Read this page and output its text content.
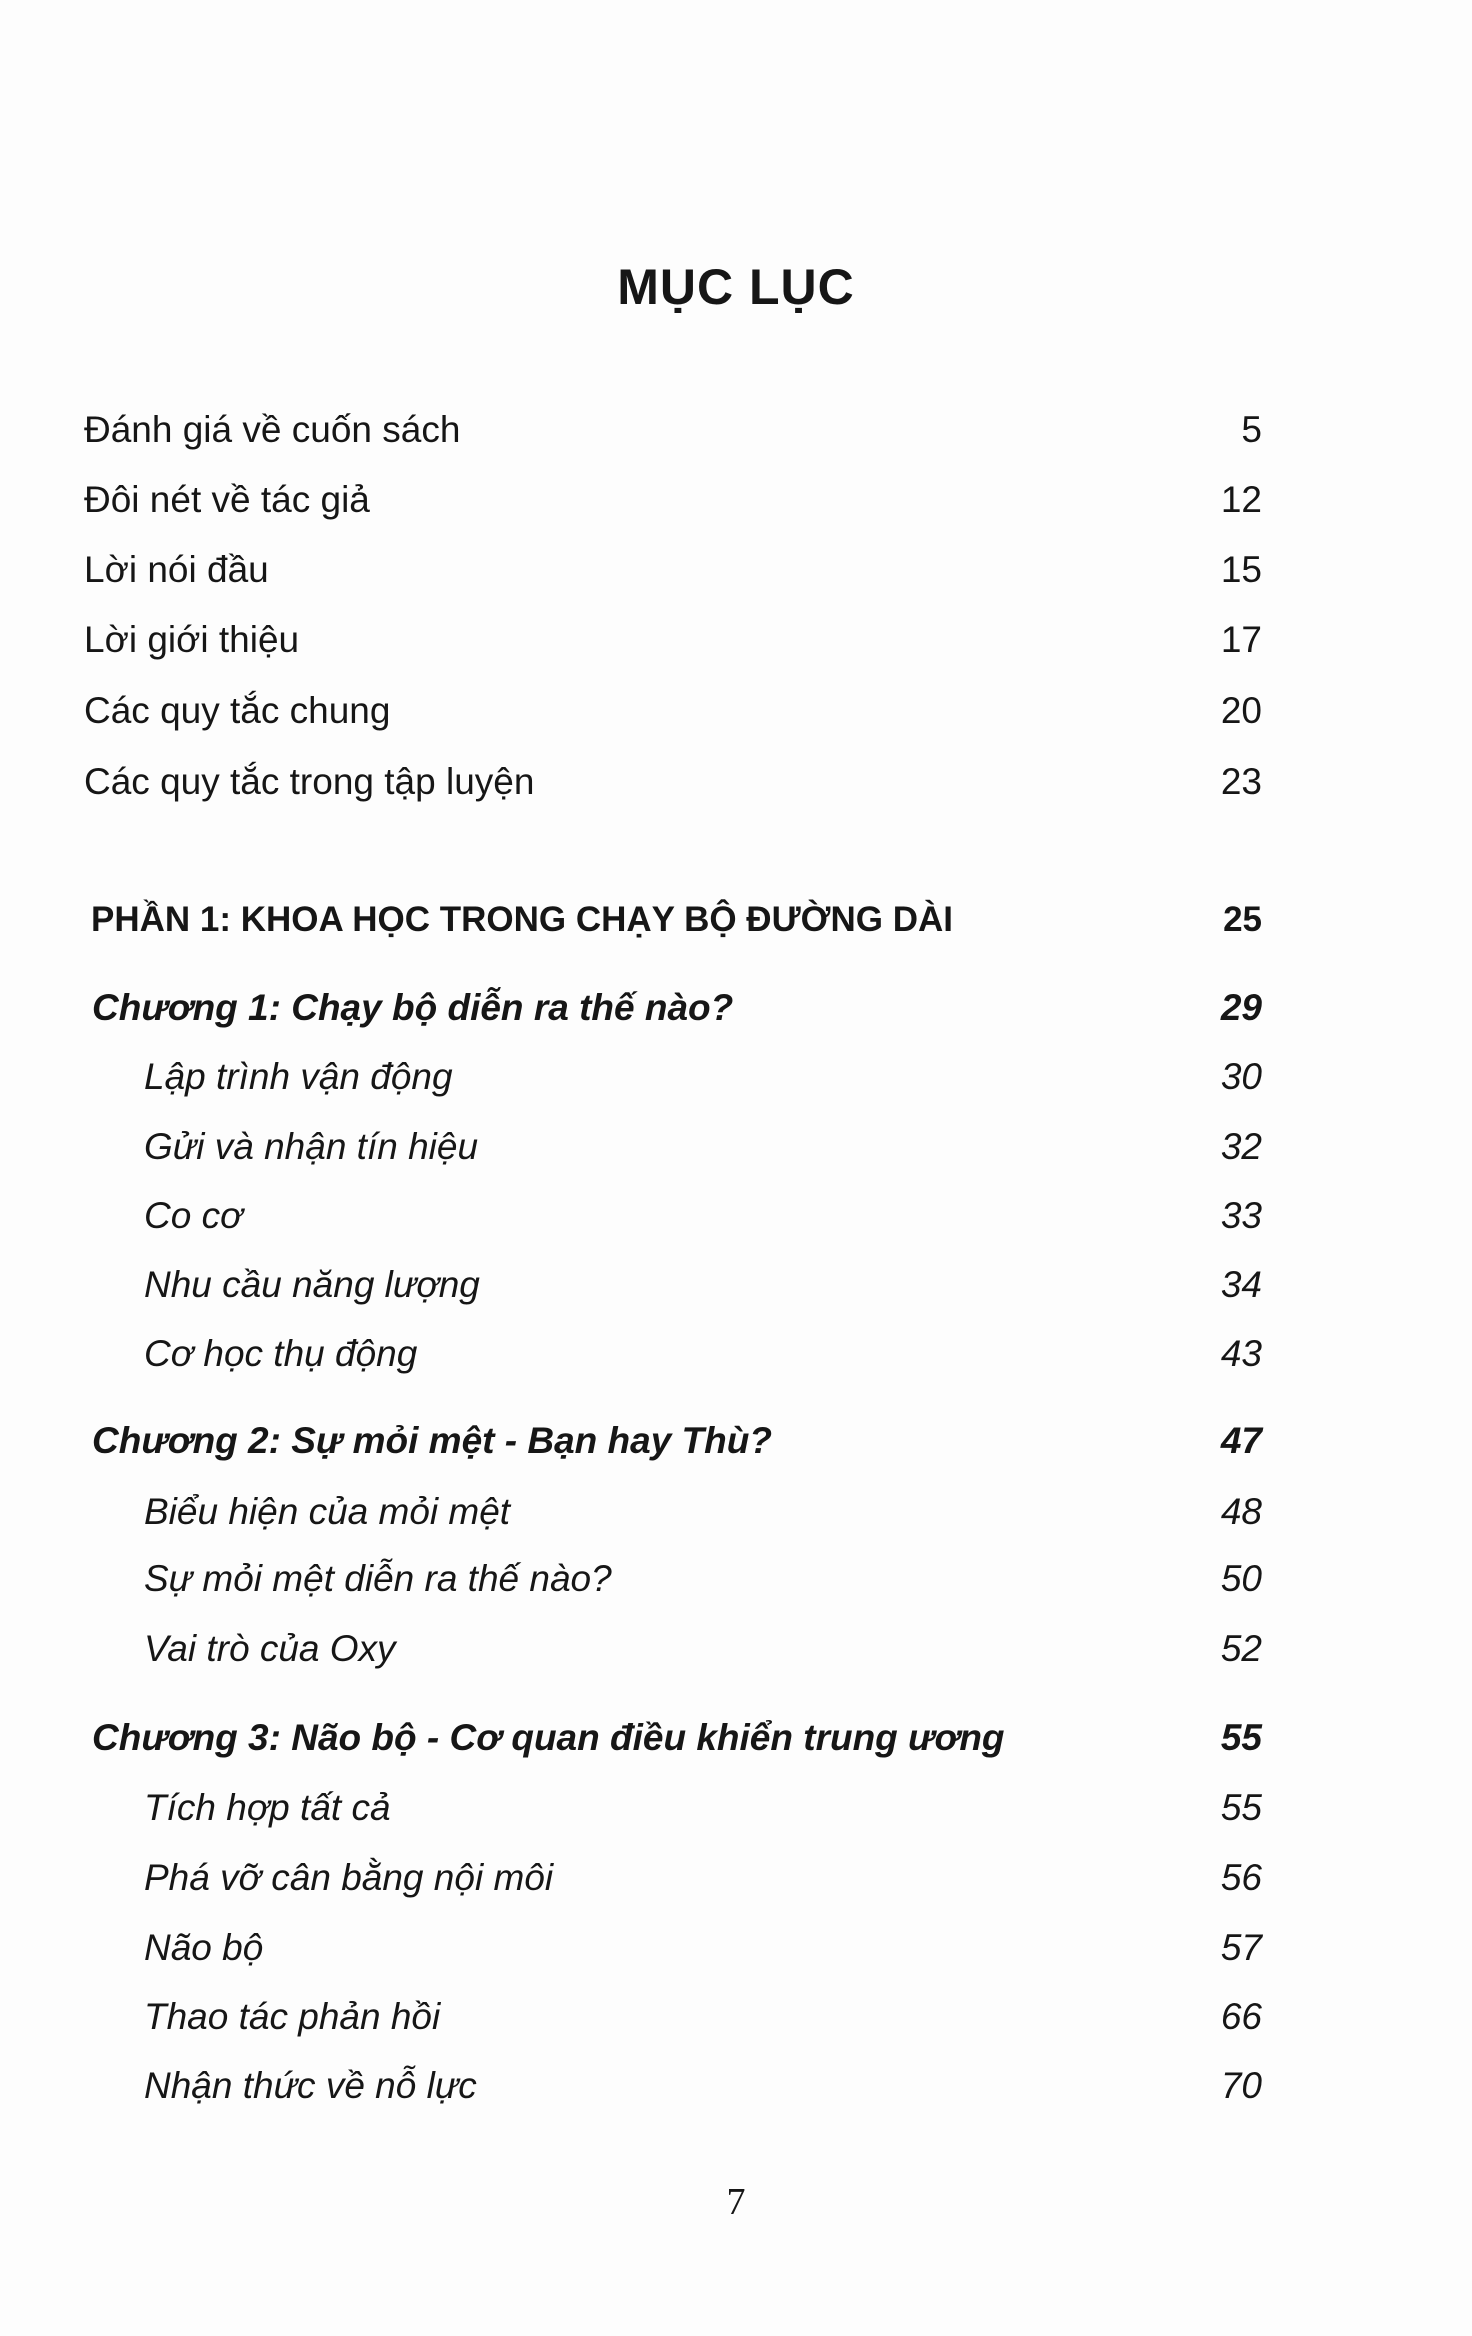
MỤC LỤC
Đánh giá về cuốn sách	5
Đôi nét về tác giả	12
Lời nói đầu	15
Lời giới thiệu	17
Các quy tắc chung	20
Các quy tắc trong tập luyện	23
PHẦN 1: KHOA HỌC TRONG CHẠY BỘ ĐƯỜNG DÀI	25
Chương 1: Chạy bộ diễn ra thế nào?	29
Lập trình vận động	30
Gửi và nhận tín hiệu	32
Co cơ	33
Nhu cầu năng lượng	34
Cơ học thụ động	43
Chương 2: Sự mỏi mệt - Bạn hay Thù?	47
Biểu hiện của mỏi mệt	48
Sự mỏi mệt diễn ra thế nào?	50
Vai trò của Oxy	52
Chương 3: Não bộ - Cơ quan điều khiển trung ương	55
Tích hợp tất cả	55
Phá vỡ cân bằng nội môi	56
Não bộ	57
Thao tác phản hồi	66
Nhận thức về nỗ lực	70
7
